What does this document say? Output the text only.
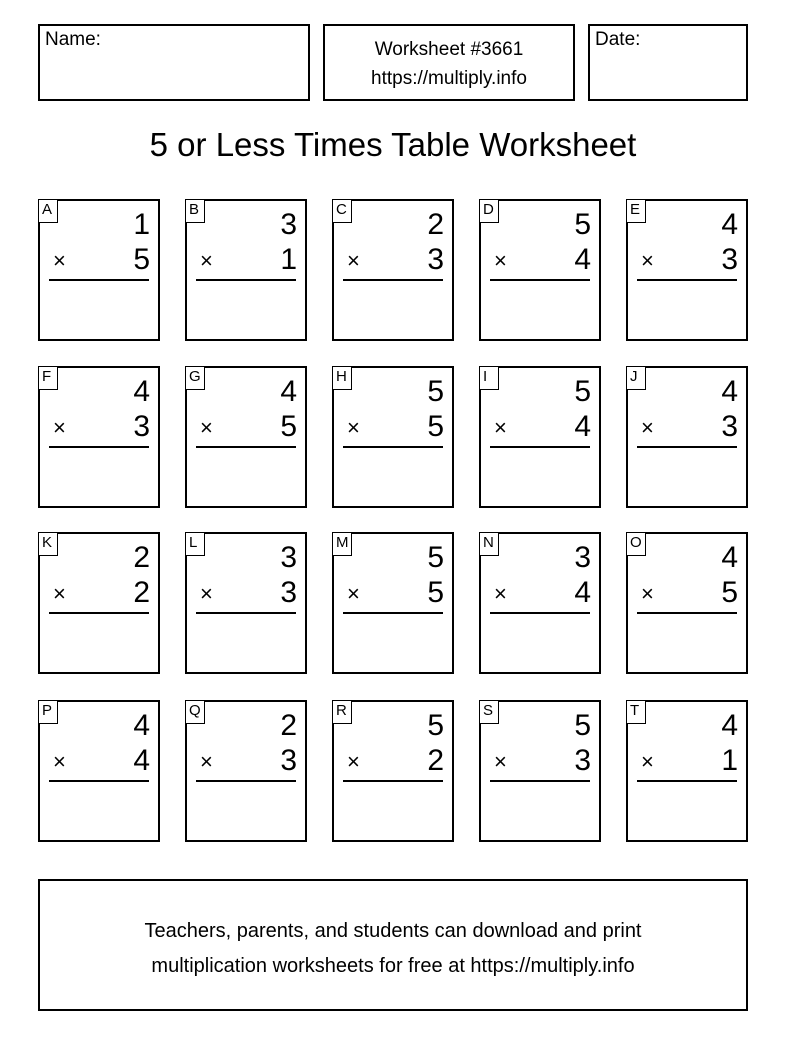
Name:	Worksheet #3661
https://multiply.info
Date:
5 or Less Times Table Worksheet
A	1
× 5
B	3
× 1
C	2
× 3
D	5
× 4
E	4
× 3
F	4
× 3
G	4
× 5
H	5
× 5
I	5
× 4
J	4
× 3
K	2
× 2
L	3
× 3
M	5
× 5
N	3
× 4
O	4
× 5
P	4
× 4
Q	2
× 3
R	5
× 2
S	5
× 3
T	4
× 1
Teachers, parents, and students can download and print
multiplication worksheets for free at https://multiply.info
